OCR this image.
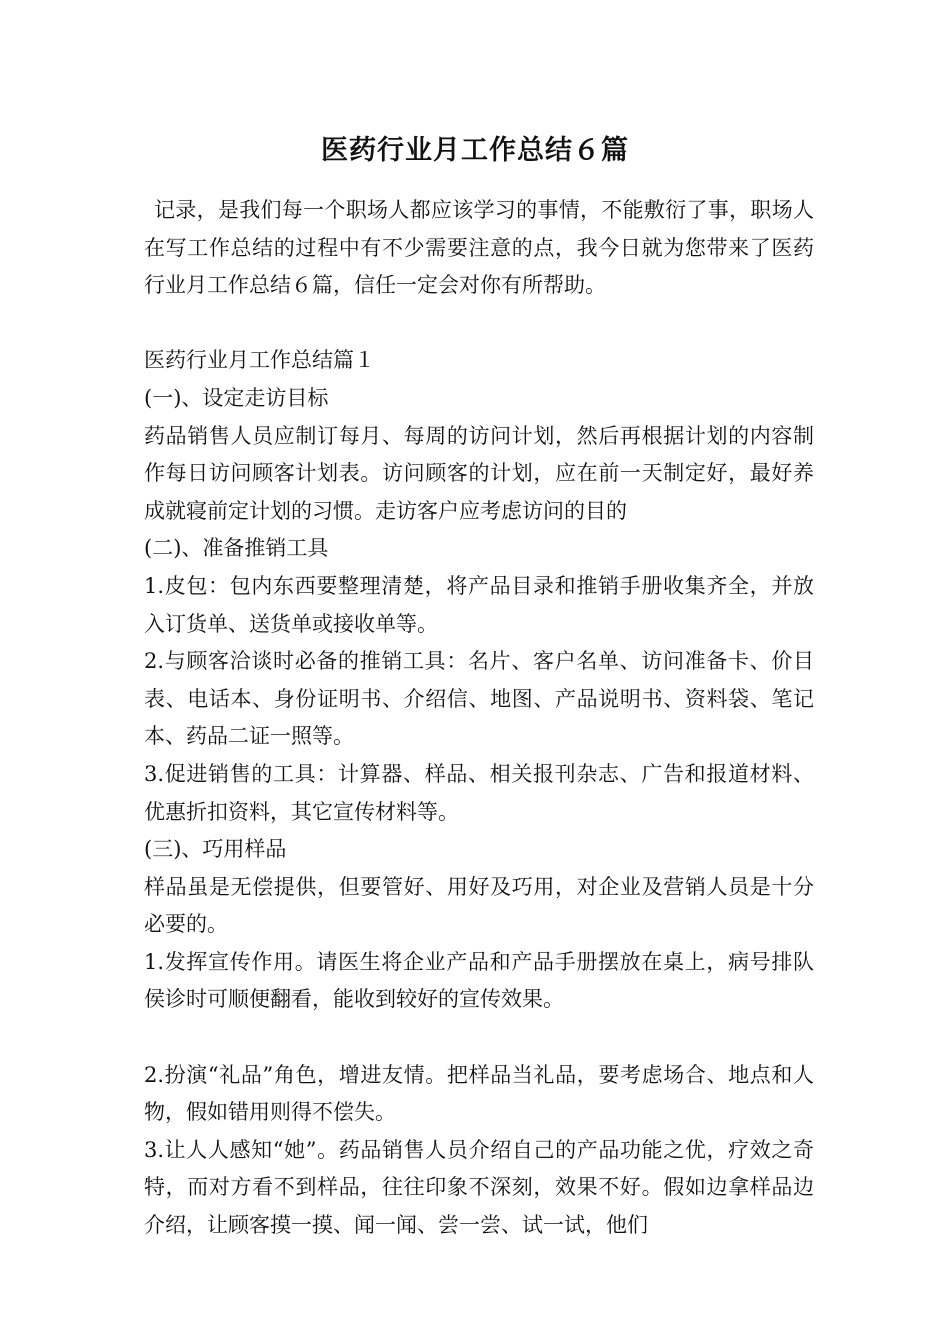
医药行业月工作总结６篇

记录，是我们每一个职场人都应该学习的事情，不能敷衍了事，职场人在写工作总结的过程中有不少需要注意的点，我今日就为您带来了医药行业月工作总结６篇，信任一定会对你有所帮助。

医药行业月工作总结篇１

(一)、设定走访目标

药品销售人员应制订每月、每周的访问计划，然后再根据计划的内容制作每日访问顾客计划表。访问顾客的计划，应在前一天制定好，最好养成就寝前定计划的习惯。走访客户应考虑访问的目的

(二)、准备推销工具

1.皮包：包内东西要整理清楚，将产品目录和推销手册收集齐全，并放入订货单、送货单或接收单等。

2.与顾客洽谈时必备的推销工具：名片、客户名单、访问准备卡、价目表、电话本、身份证明书、介绍信、地图、产品说明书、资料袋、笔记本、药品二证一照等。

3.促进销售的工具：计算器、样品、相关报刊杂志、广告和报道材料、优惠折扣资料，其它宣传材料等。

(三)、巧用样品

样品虽是无偿提供，但要管好、用好及巧用，对企业及营销人员是十分必要的。

1.发挥宣传作用。请医生将企业产品和产品手册摆放在桌上，病号排队侯诊时可顺便翻看，能收到较好的宣传效果。

2.扮演“礼品”角色，增进友情。把样品当礼品，要考虑场合、地点和人物，假如错用则得不偿失。

3.让人人感知“她”。药品销售人员介绍自己的产品功能之优，疗效之奇特，而对方看不到样品，往往印象不深刻，效果不好。假如边拿样品边介绍，让顾客摸一摸、闻一闻、尝一尝、试一试，他们
